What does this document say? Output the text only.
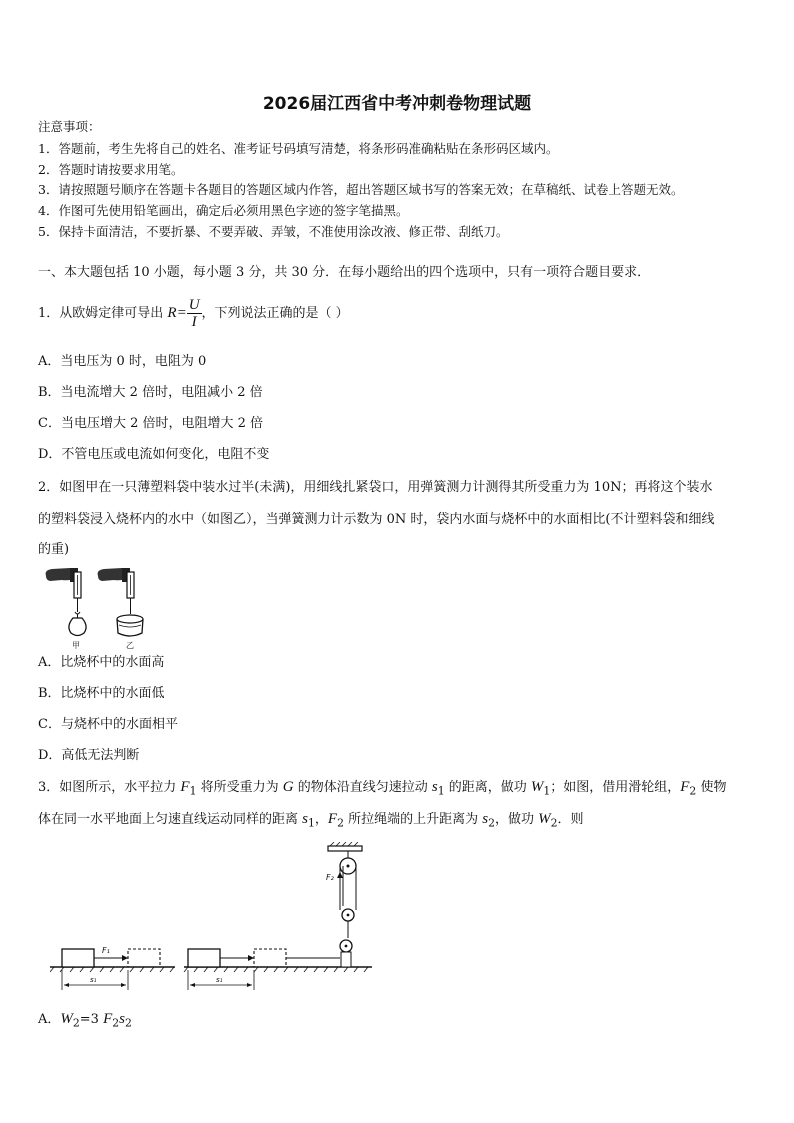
2026届江西省中考冲刺卷物理试题
注意事项：
1．答题前，考生先将自己的姓名、准考证号码填写清楚，将条形码准确粘贴在条形码区域内。
2．答题时请按要求用笔。
3．请按照题号顺序在答题卡各题目的答题区域内作答，超出答题区域书写的答案无效；在草稿纸、试卷上答题无效。
4．作图可先使用铅笔画出，确定后必须用黑色字迹的签字笔描黑。
5．保持卡面清洁，不要折暴、不要弄破、弄皱，不准使用涂改液、修正带、刮纸刀。
一、本大题包括 10 小题，每小题 3 分，共 30 分．在每小题给出的四个选项中，只有一项符合题目要求．
1．从欧姆定律可导出 $R= \frac{U}{I}$ ，下列说法正确的是（ ）
A．当电压为 0 时，电阻为 0
B．当电流增大 2 倍时，电阻减小 2 倍
C．当电压增大 2 倍时，电阻增大 2 倍
D．不管电压或电流如何变化，电阻不变
2．如图甲在一只薄塑料袋中装水过半(未满)，用细线扎紧袋口，用弹簧测力计测得其所受重力为 10N；再将这个装水
的塑料袋浸入烧杯内的水中（如图乙），当弹簧测力计示数为 0N 时，袋内水面与烧杯中的水面相比(不计塑料袋和细线
的重)
甲	乙
A．比烧杯中的水面高
B．比烧杯中的水面低
C．与烧杯中的水面相平
D．高低无法判断
3．如图所示，水平拉力 $F_1$ 将所受重力为 G 的物体沿直线匀速拉动 $s_1$ 的距离，做功 $W_1$；如图，借用滑轮组，$F_2$ 使物
体在同一水平地面上匀速直线运动同样的距离 $s_1$，$F_2$ 所拉绳端的上升距离为 $s_2$，做功 $W_2$．则
F₁
s₁	s₁
F₂
A．$W_2=3$ $F_2s_2$
